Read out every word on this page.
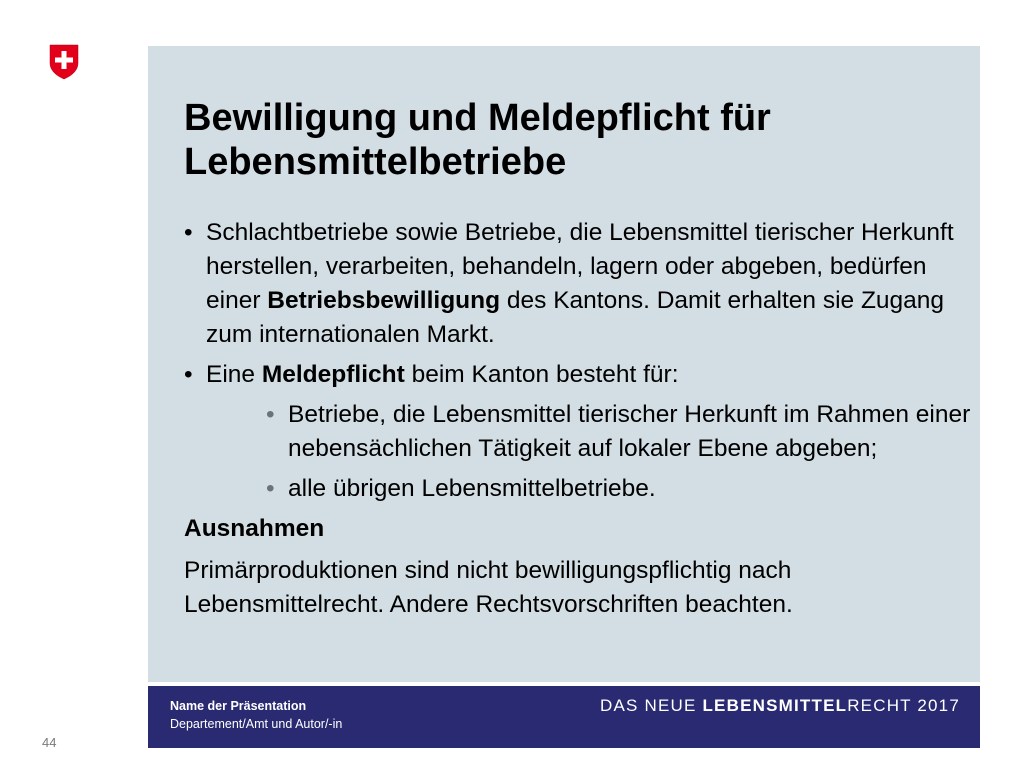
Bewilligung und Meldepflicht für
Lebensmittelbetriebe
• Schlachtbetriebe sowie Betriebe, die Lebensmittel tierischer Herkunft herstellen, verarbeiten, behandeln, lagern oder abgeben, bedürfen einer Betriebsbewilligung des Kantons. Damit erhalten sie Zugang zum internationalen Markt.
• Eine Meldepflicht beim Kanton besteht für:
• Betriebe, die Lebensmittel tierischer Herkunft im Rahmen einer nebensächlichen Tätigkeit auf lokaler Ebene abgeben;
• alle übrigen Lebensmittelbetriebe.
Ausnahmen
Primärproduktionen sind nicht bewilligungspflichtig nach Lebensmittelrecht. Andere Rechtsvorschriften beachten.
Name der Präsentation
Departement/Amt und Autor/-in
DAS NEUE LEBENSMITTELRECHT 2017
44
